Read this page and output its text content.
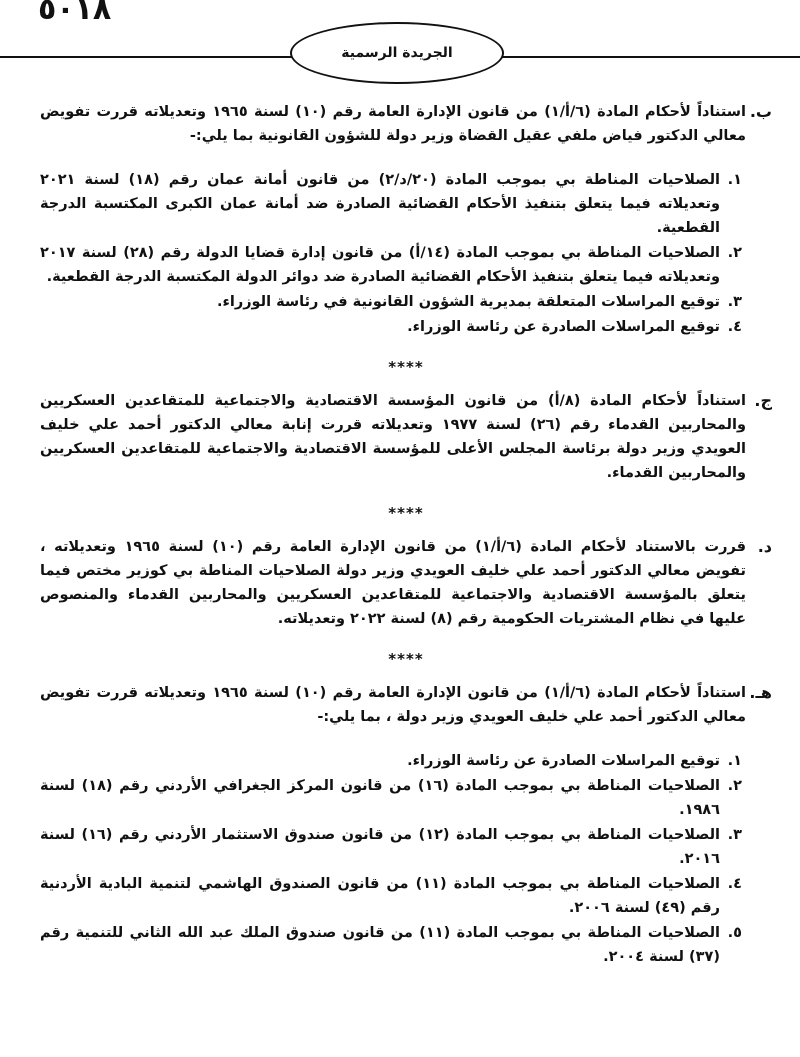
٥٠١٨
الجريدة الرسمية
ب.

استناداً لأحكام المادة (٦/أ/١) من قانون الإدارة العامة رقم (١٠) لسنة ١٩٦٥ وتعديلاته قررت تفويض معالي الدكتور فياض ملفي عقيل القضاة وزير دولة للشؤون القانونية بما يلي:-

١.

الصلاحيات المناطة بي بموجب المادة (٢٠/د/٢) من قانون أمانة عمان رقم (١٨) لسنة ٢٠٢١ وتعديلاته فيما يتعلق بتنفيذ الأحكام القضائية الصادرة ضد أمانة عمان الكبرى المكتسبة الدرجة القطعية.

٢.

الصلاحيات المناطة بي بموجب المادة (١٤/أ) من قانون إدارة قضايا الدولة رقم (٢٨) لسنة ٢٠١٧ وتعديلاته فيما يتعلق بتنفيذ الأحكام القضائية الصادرة ضد دوائر الدولة المكتسبة الدرجة القطعية.

٣.

توقيع المراسلات المتعلقة بمديرية الشؤون القانونية في رئاسة الوزراء.

٤.

توقيع المراسلات الصادرة عن رئاسة الوزراء.

****
ج.

استناداً لأحكام المادة (٨/أ) من قانون المؤسسة الاقتصادية والاجتماعية للمتقاعدين العسكريين والمحاربين القدماء رقم (٢٦) لسنة ١٩٧٧ وتعديلاته قررت إنابة معالي الدكتور أحمد علي خليف العويدي وزير دولة برئاسة المجلس الأعلى للمؤسسة الاقتصادية والاجتماعية للمتقاعدين العسكريين والمحاربين القدماء.

****
د.

قررت بالاستناد لأحكام المادة (٦/أ/١) من قانون الإدارة العامة رقم (١٠) لسنة ١٩٦٥ وتعديلاته ، تفويض معالي الدكتور أحمد علي خليف العويدي وزير دولة الصلاحيات المناطة بي كوزير مختص فيما يتعلق بالمؤسسة الاقتصادية والاجتماعية للمتقاعدين العسكريين والمحاربين القدماء والمنصوص عليها في نظام المشتريات الحكومية رقم (٨) لسنة ٢٠٢٢ وتعديلاته.

****
هـ.

استناداً لأحكام المادة (٦/أ/١) من قانون الإدارة العامة رقم (١٠) لسنة ١٩٦٥ وتعديلاته قررت تفويض معالي الدكتور أحمد علي خليف العويدي وزير دولة ، بما يلي:-

١.

توقيع المراسلات الصادرة عن رئاسة الوزراء.

٢.

الصلاحيات المناطة بي بموجب المادة (١٦) من قانون المركز الجغرافي الأردني رقم (١٨) لسنة ١٩٨٦.

٣.

الصلاحيات المناطة بي بموجب المادة (١٢) من قانون صندوق الاستثمار الأردني رقم (١٦) لسنة ٢٠١٦.

٤.

الصلاحيات المناطة بي بموجب المادة (١١) من قانون الصندوق الهاشمي لتنمية البادية الأردنية رقم (٤٩) لسنة ٢٠٠٦.

٥.

الصلاحيات المناطة بي بموجب المادة (١١) من قانون صندوق الملك عبد الله الثاني للتنمية رقم (٣٧) لسنة ٢٠٠٤.
